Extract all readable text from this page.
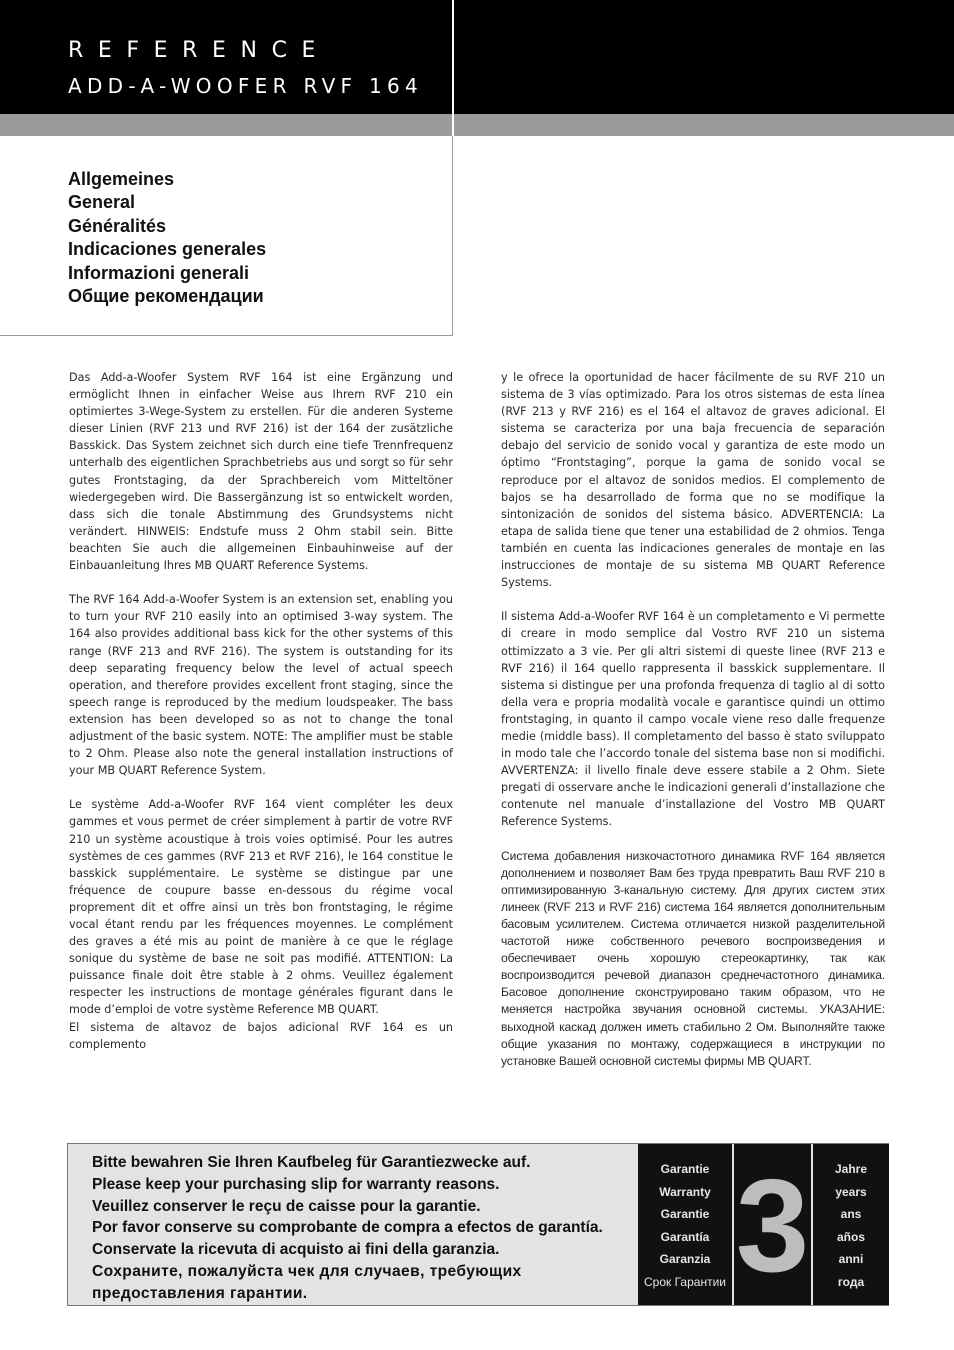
REFERENCE
ADD-A-WOOFER RVF 164
Allgemeines
General
Généralités
Indicaciones generales
Informazioni generali
Общие рекомендации

Das Add-a-Woofer System RVF 164 ist eine Ergänzung und ermöglicht Ihnen in einfacher Weise aus Ihrem RVF 210 ein optimiertes 3-Wege-System zu erstellen. Für die anderen Systeme dieser Linien (RVF 213 und RVF 216) ist der 164 der zusätzliche Basskick. Das System zeichnet sich durch eine tiefe Trennfrequenz unterhalb des eigentlichen Sprachbetriebs aus und sorgt so für sehr gutes Frontstaging, da der Sprachbereich vom Mitteltöner wiedergegeben wird. Die Bassergänzung ist so entwickelt worden, dass sich die tonale Abstimmung des Grundsystems nicht verändert. HINWEIS: Endstufe muss 2 Ohm stabil sein. Bitte beachten Sie auch die allgemeinen Einbauhinweise auf der Einbauanleitung Ihres MB QUART Reference Systems.

The RVF 164 Add-a-Woofer System is an extension set, enabling you to turn your RVF 210 easily into an optimised 3-way system. The 164 also provides additional bass kick for the other systems of this range (RVF 213 and RVF 216). The system is outstanding for its deep separating frequency below the level of actual speech operation, and therefore provides excellent front staging, since the speech range is reproduced by the medium loudspeaker. The bass extension has been developed so as not to change the tonal adjustment of the basic system. NOTE: The amplifier must be stable to 2 Ohm. Please also note the general installation instructions of your MB QUART Reference System.

Le système Add-a-Woofer RVF 164 vient compléter les deux gammes et vous permet de créer simplement à partir de votre RVF 210 un système acoustique à trois voies optimisé. Pour les autres systèmes de ces gammes (RVF 213 et RVF 216), le 164 constitue le basskick supplémentaire. Le système se distingue par une fréquence de coupure basse en-dessous du régime vocal proprement dit et offre ainsi un très bon frontstaging, le régime vocal étant rendu par les fréquences moyennes. Le complément des graves a été mis au point de manière à ce que le réglage sonique du système de base ne soit pas modifié. ATTENTION: La puissance finale doit être stable à 2 ohms. Veuillez également respecter les instructions de montage générales figurant dans le mode d’emploi de votre système Reference MB QUART.

El sistema de altavoz de bajos adicional RVF 164 es un complemento

y le ofrece la oportunidad de hacer fácilmente de su RVF 210 un sistema de 3 vías optimizado. Para los otros sistemas de esta línea (RVF 213 y RVF 216) es el 164 el altavoz de graves adicional. El sistema se caracteriza por una baja frecuencia de separación debajo del servicio de sonido vocal y garantiza de este modo un óptimo “Frontstaging”, porque la gama de sonido vocal se reproduce por el altavoz de sonidos medios. El complemento de bajos se ha desarrollado de forma que no se modifique la sintonización de sonidos del sistema básico. ADVERTENCIA: La etapa de salida tiene que tener una estabilidad de 2 ohmios. Tenga también en cuenta las indicaciones generales de montaje en las instrucciones de montaje de su sistema MB QUART Reference Systems.

Il sistema Add-a-Woofer RVF 164 è un completamento e Vi permette di creare in modo semplice dal Vostro RVF 210 un sistema ottimizzato a 3 vie. Per gli altri sistemi di queste linee (RVF 213 e RVF 216) il 164 quello rappresenta il basskick supplementare. Il sistema si distingue per una profonda frequenza di taglio al di sotto della vera e propria modalità vocale e garantisce quindi un ottimo frontstaging, in quanto il campo vocale viene reso dalle frequenze medie (middle bass). Il completamento del basso è stato sviluppato in modo tale che l’accordo tonale del sistema base non si modifichi. AVVERTENZA: il livello finale deve essere stabile a 2 Ohm. Siete pregati di osservare anche le indicazioni generali d’installazione che contenute nel manuale d’installazione del Vostro MB QUART Reference Systems.

Система добавления низкочастотного динамика RVF 164 является дополнением и позволяет Вам без труда превратить Ваш RVF 210 в оптимизированную 3-канальную систему. Для других систем этих линеек (RVF 213 и RVF 216) система 164 является дополнительным басовым усилителем. Система отличается низкой разделительной частотой ниже собственного речевого воспроизведения и обеспечивает очень хорошую стереокартинку, так как воспроизводится речевой диапазон среднечастотного динамика. Басовое дополнение сконструировано таким образом, что не меняется настройка звучания основной системы. УКАЗАНИЕ: выходной каскад должен иметь стабильно 2 Ом. Выполняйте также общие указания по монтажу, содержащиеся в инструкции по установке Вашей основной системы фирмы MB QUART.

Bitte bewahren Sie Ihren Kaufbeleg für Garantiezwecke auf.
Please keep your purchasing slip for warranty reasons.
Veuillez conserver le reçu de caisse pour la garantie.
Por favor conserve su comprobante de compra a efectos de garantía.
Conservate la ricevuta di acquisto ai fini della garanzia.
Сохраните, пожалуйста чек для случаев, требующих
предоставления гарантии.
Garantie
Warranty
Garantie
Garantía
Garanzia
Срок Гарантии 3	Jahre
years
ans
años
anni
года
